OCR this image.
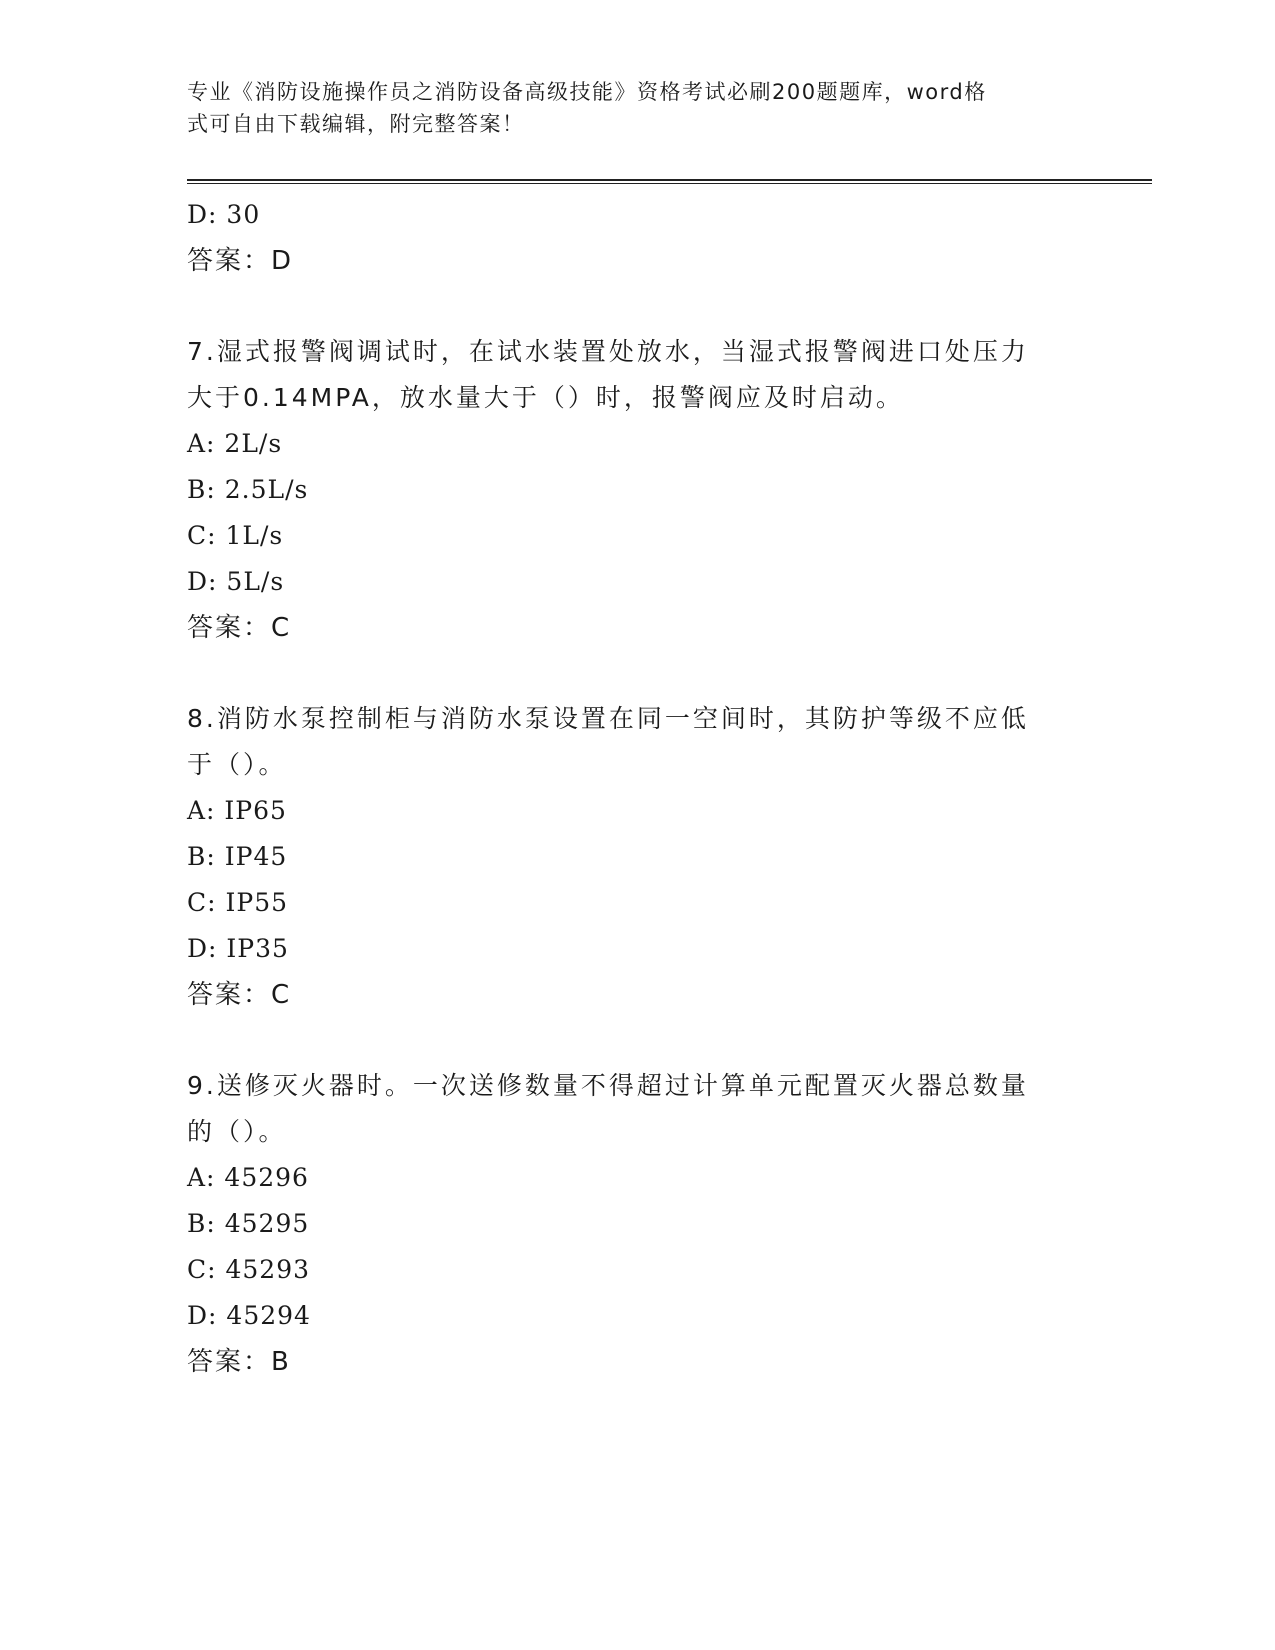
专业《消防设施操作员之消防设备高级技能》资格考试必刷200题题库，word格
式可自由下载编辑，附完整答案！
D: 30
答案：D
7.湿式报警阀调试时，在试水装置处放水，当湿式报警阀进口处压力
大于0.14MPA，放水量大于（）时，报警阀应及时启动。
A: 2L/s
B: 2.5L/s
C: 1L/s
D: 5L/s
答案：C
8.消防水泵控制柜与消防水泵设置在同一空间时，其防护等级不应低
于（）。
A: IP65
B: IP45
C: IP55
D: IP35
答案：C
9.送修灭火器时。一次送修数量不得超过计算单元配置灭火器总数量
的（）。
A: 45296
B: 45295
C: 45293
D: 45294
答案：B
